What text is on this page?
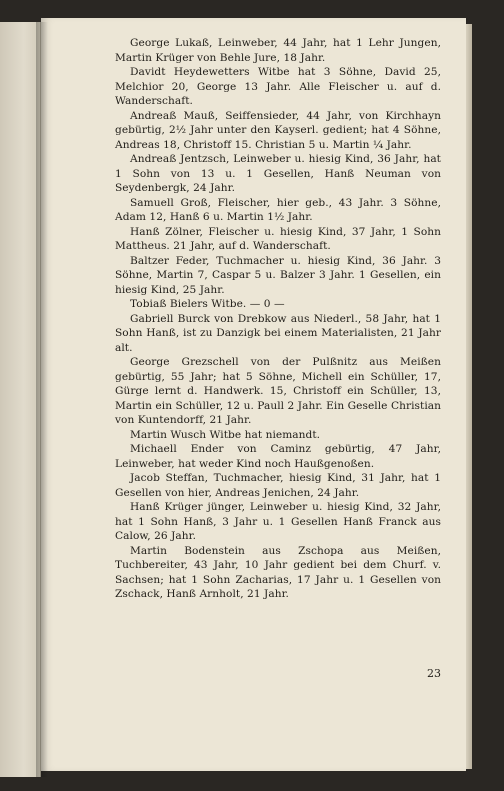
George Lukaß, Leinweber, 44 Jahr, hat 1 Lehr Jungen, Martin Krüger von Behle Jure, 18 Jahr.

Davidt Heydewetters Witbe hat 3 Söhne, David 25, Melchior 20, George 13 Jahr. Alle Fleischer u. auf d. Wanderschaft.

Andreaß Mauß, Seiffensieder, 44 Jahr, von Kirchhayn gebürtig, 2½ Jahr unter den Kayserl. gedient; hat 4 Söhne, Andreas 18, Christoff 15. Christian 5 u. Martin ¼ Jahr.

Andreaß Jentzsch, Leinweber u. hiesig Kind, 36 Jahr, hat 1 Sohn von 13 u. 1 Gesellen, Hanß Neuman von Seydenbergk, 24 Jahr.

Samuell Groß, Fleischer, hier geb., 43 Jahr. 3 Söhne, Adam 12, Hanß 6 u. Martin 1½ Jahr.

Hanß Zölner, Fleischer u. hiesig Kind, 37 Jahr, 1 Sohn Mattheus. 21 Jahr, auf d. Wanderschaft.

Baltzer Feder, Tuchmacher u. hiesig Kind, 36 Jahr. 3 Söhne, Martin 7, Caspar 5 u. Balzer 3 Jahr. 1 Gesellen, ein hiesig Kind, 25 Jahr.

Tobiaß Bielers Witbe. — 0 —

Gabriell Burck von Drebkow aus Niederl., 58 Jahr, hat 1 Sohn Hanß, ist zu Danzigk bei einem Materialisten, 21 Jahr alt.

George Grezschell von der Pulßnitz aus Meißen gebürtig, 55 Jahr; hat 5 Söhne, Michell ein Schüller, 17, Gürge lernt d. Handwerk. 15, Christoff ein Schüller, 13, Martin ein Schüller, 12 u. Paull 2 Jahr. Ein Geselle Christian von Kuntendorff, 21 Jahr.

Martin Wusch Witbe hat niemandt.

Michaell Ender von Caminz gebürtig, 47 Jahr, Leinweber, hat weder Kind noch Haußgenoßen.

Jacob Steffan, Tuchmacher, hiesig Kind, 31 Jahr, hat 1 Gesellen von hier, Andreas Jenichen, 24 Jahr.

Hanß Krüger jünger, Leinweber u. hiesig Kind, 32 Jahr, hat 1 Sohn Hanß, 3 Jahr u. 1 Gesellen Hanß Franck aus Calow, 26 Jahr.

Martin Bodenstein aus Zschopa aus Meißen, Tuchbereiter, 43 Jahr, 10 Jahr gedient bei dem Churf. v. Sachsen; hat 1 Sohn Zacharias, 17 Jahr u. 1 Gesellen von Zschack, Hanß Arnholt, 21 Jahr.

23
